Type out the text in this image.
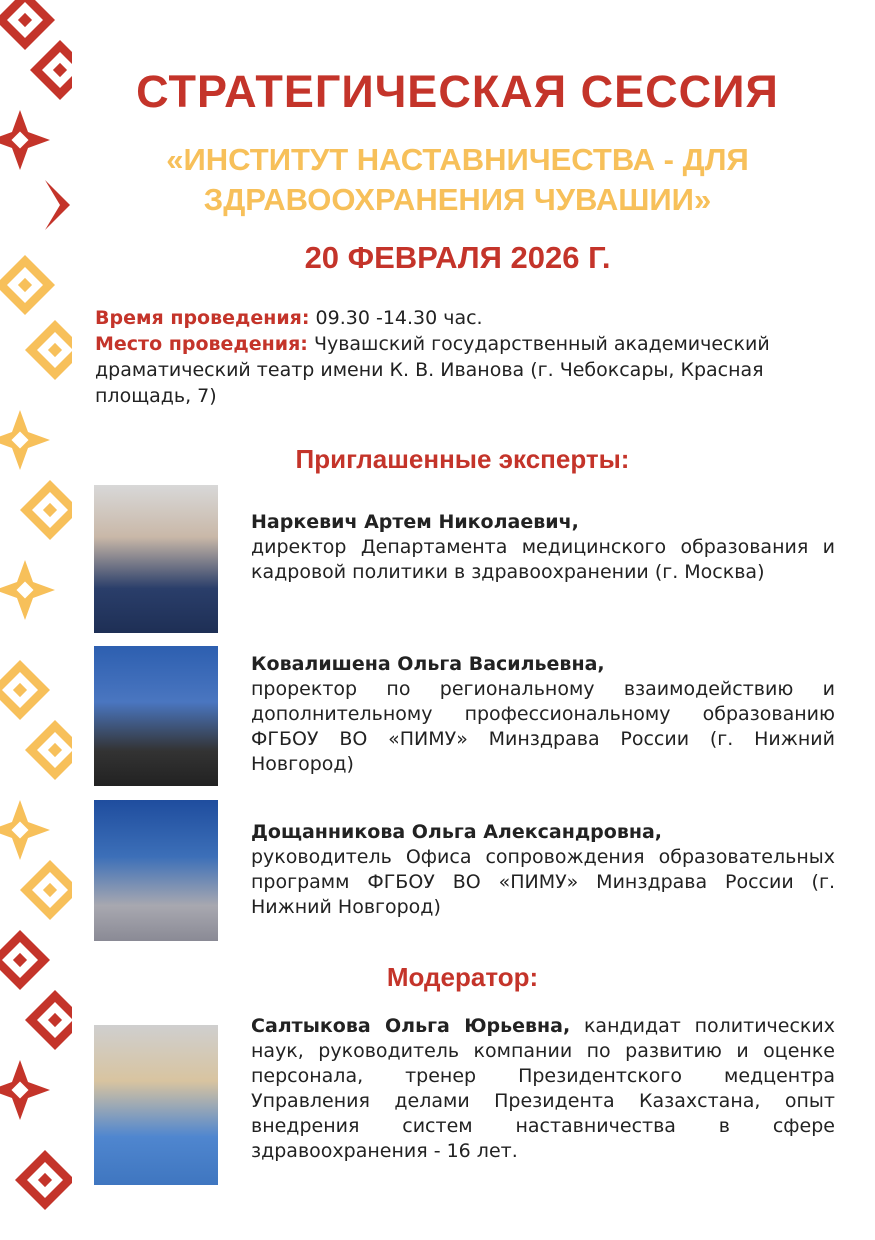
СТРАТЕГИЧЕСКАЯ СЕССИЯ
«ИНСТИТУТ НАСТАВНИЧЕСТВА - ДЛЯ
ЗДРАВООХРАНЕНИЯ ЧУВАШИИ»
20 ФЕВРАЛЯ 2026 Г.
Время проведения: 09.30 -14.30 час.
Место проведения: Чувашский государственный академический драматический театр имени К. В. Иванова (г. Чебоксары, Красная площадь, 7)
Приглашенные эксперты:
Наркевич Артем Николаевич,
директор Департамента медицинского образования и кадровой политики в здравоохранении (г. Москва)
Ковалишена Ольга Васильевна,
проректор по региональному взаимодействию и дополнительному профессиональному образованию ФГБОУ ВО «ПИМУ» Минздрава России (г. Нижний Новгород)
Дощанникова Ольга Александровна,
руководитель Офиса сопровождения образовательных программ ФГБОУ ВО «ПИМУ» Минздрава России (г. Нижний Новгород)
Модератор:
Салтыкова Ольга Юрьевна, кандидат политических наук, руководитель компании по развитию и оценке персонала, тренер Президентского медцентра Управления делами Президента Казахстана, опыт внедрения систем наставничества в сфере здравоохранения - 16 лет.
